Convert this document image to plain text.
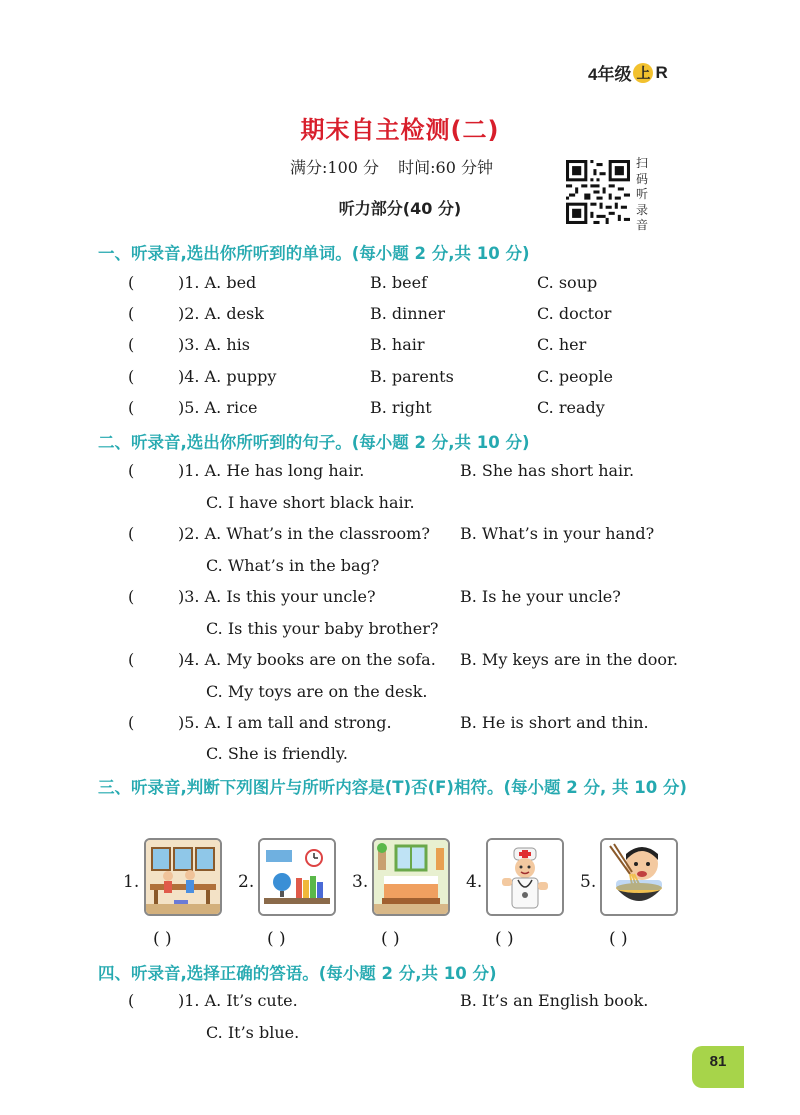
4年级 上 R
期末自主检测(二)
满分:100 分 时间:60 分钟
听力部分(40 分)
扫
码
听
录
音
一、听录音,选出你所听到的单词。(每小题 2 分,共 10 分)
(	)1. A. bed	B. beef	C. soup
(	)2. A. desk	B. dinner	C. doctor
(	)3. A. his	B. hair	C. her
(	)4. A. puppy	B. parents	C. people
(	)5. A. rice	B. right	C. ready
二、听录音,选出你所听到的句子。(每小题 2 分,共 10 分)
(	)1. A. He has long hair.	B. She has short hair.
C. I have short black hair.
(	)2. A. What’s in the classroom? B. What’s in your hand?
C. What’s in the bag?
(	)3. A. Is this your uncle?	B. Is he your uncle?
C. Is this your baby brother?
(	)4. A. My books are on the sofa. B. My keys are in the door.
C. My toys are on the desk.
(	)5. A. I am tall and strong.	B. He is short and thin.
C. She is friendly.
三、听录音,判断下列图片与所听内容是(T)否(F)相符。(每小题 2 分, 共 10 分)
1.	2.	3.	4.	5.
( )	( )	( )	( )	( )
四、听录音,选择正确的答语。(每小题 2 分,共 10 分)
(	)1. A. It’s cute.	B. It’s an English book.
C. It’s blue.
81
